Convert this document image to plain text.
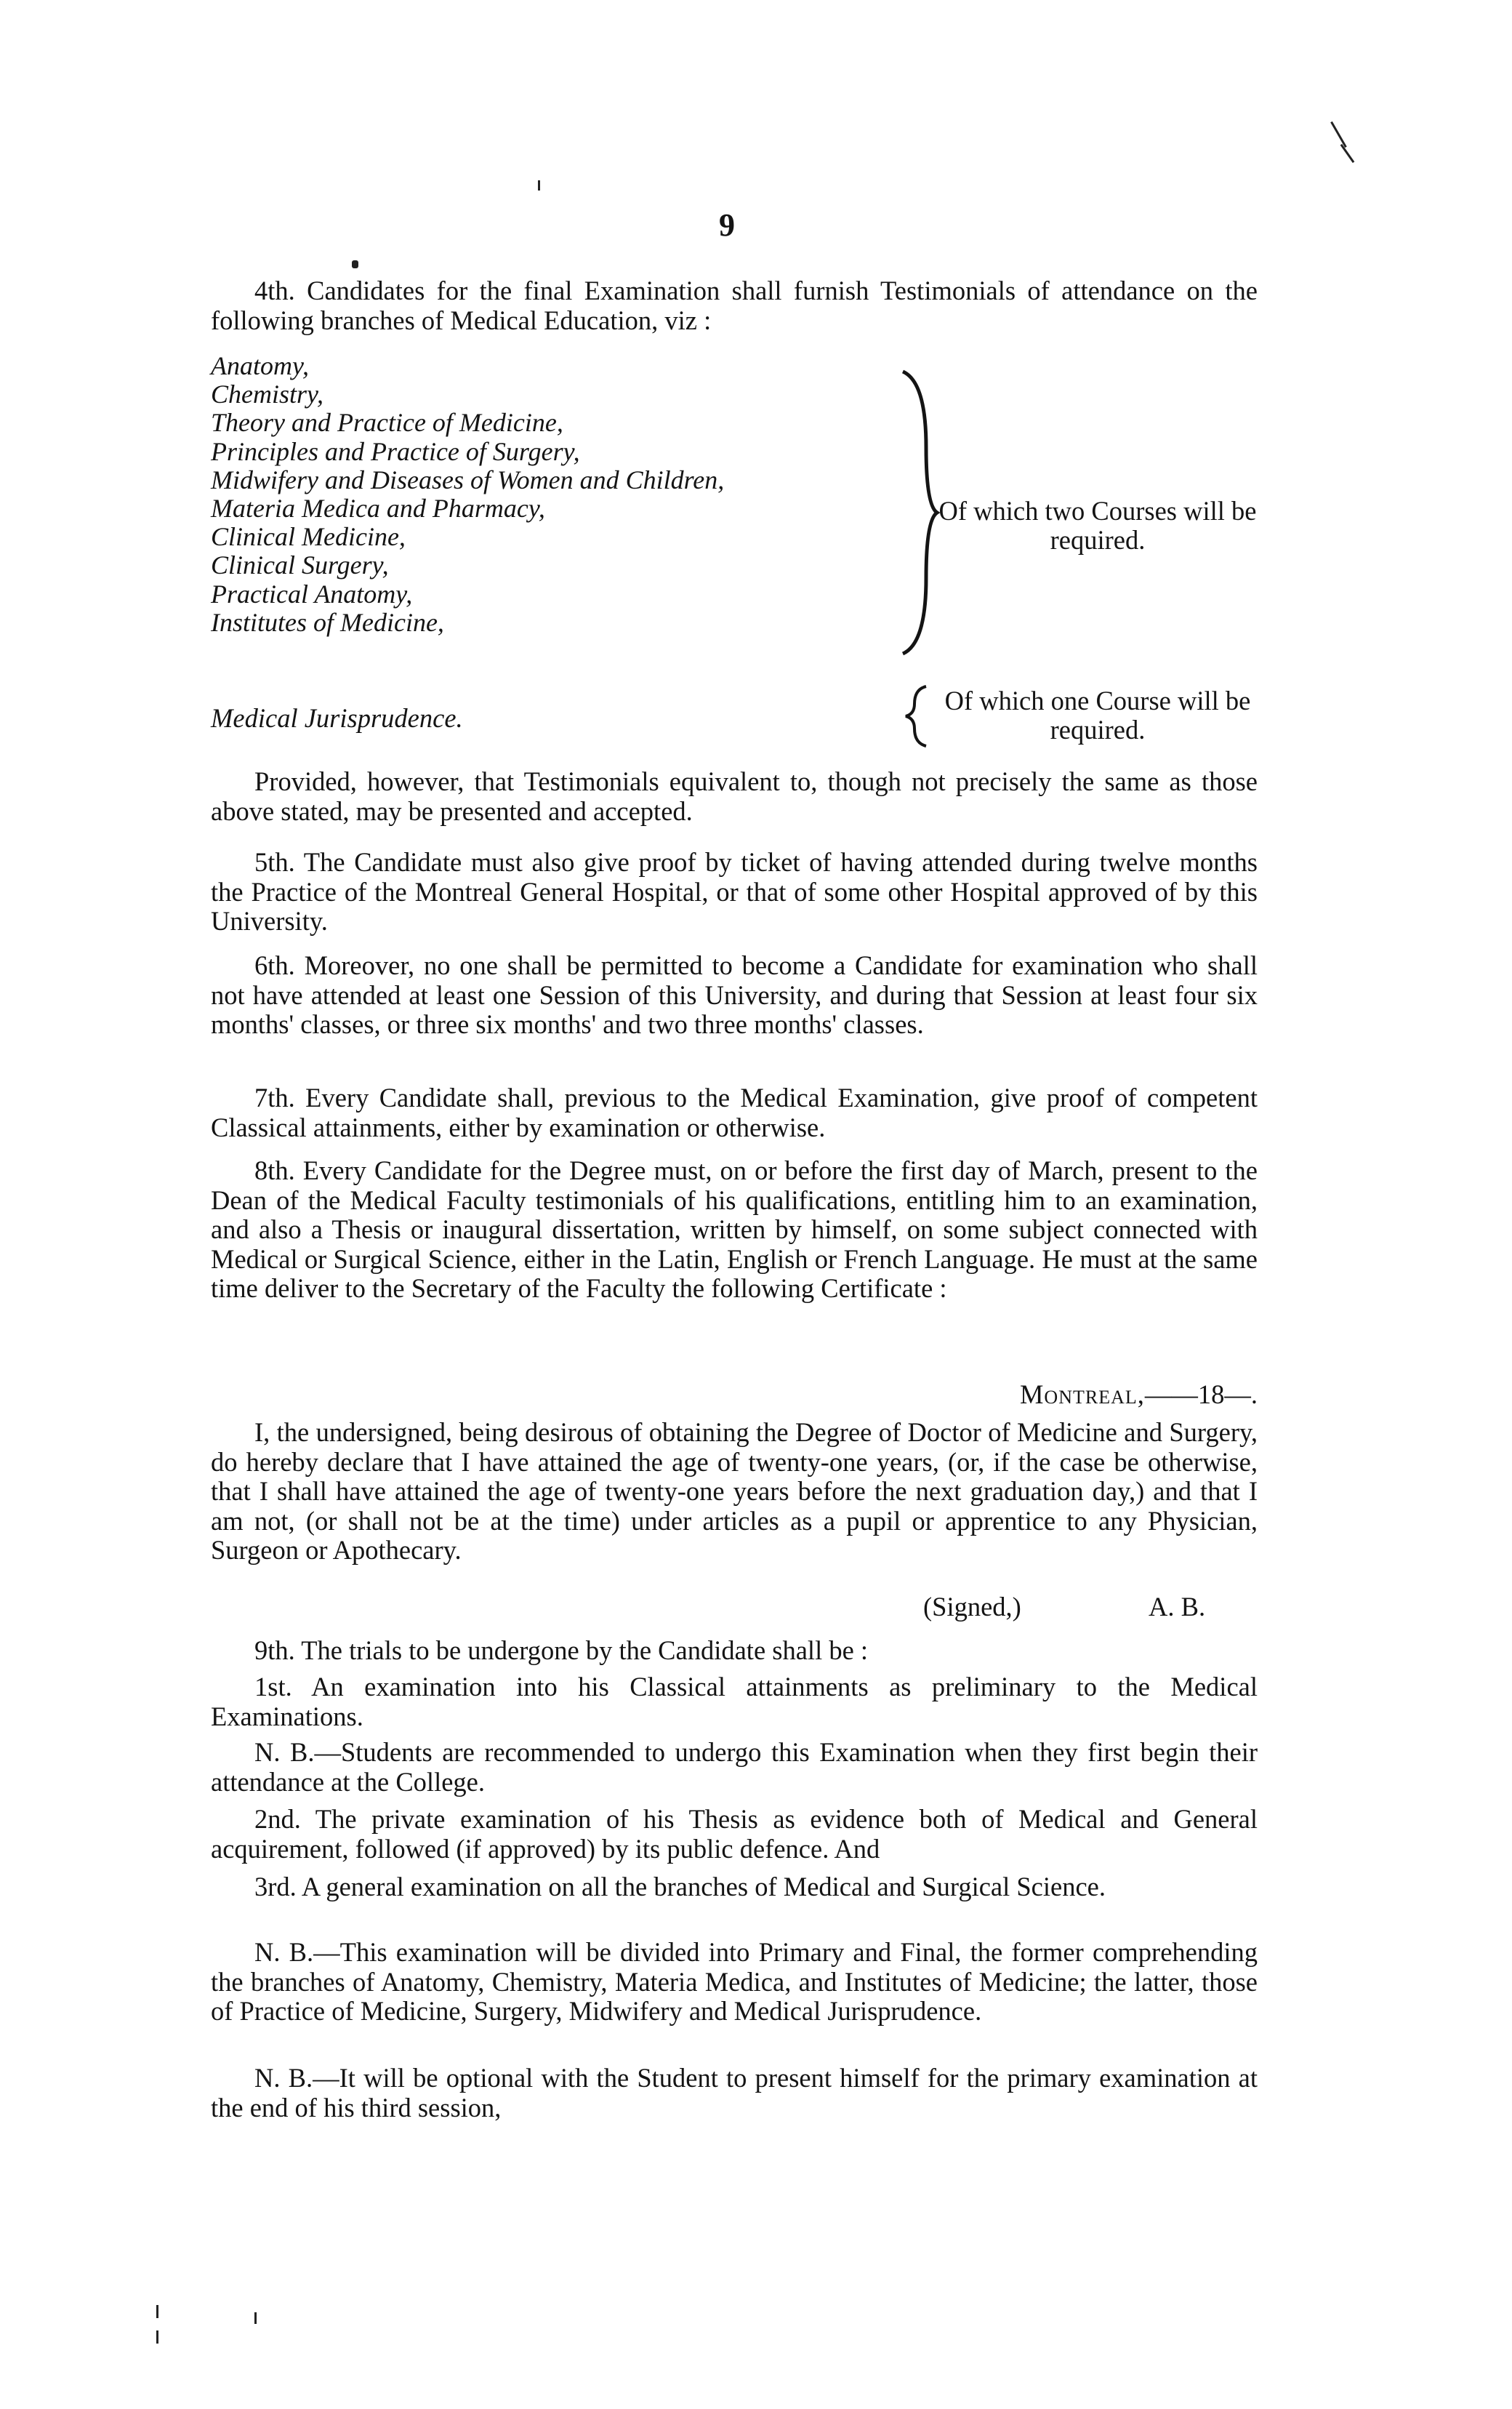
9
4th. Candidates for the final Examination shall furnish Testimonials of attendance on the following branches of Medical Education, viz :
Anatomy,
Chemistry,
Theory and Practice of Medicine,
Principles and Practice of Surgery,
Midwifery and Diseases of Women and Children,
Materia Medica and Pharmacy,
Clinical Medicine,
Clinical Surgery,
Practical Anatomy,
Institutes of Medicine,
Of which two Courses will be required.
Medical Jurisprudence.
Of which one Course will be required.
Provided, however, that Testimonials equivalent to, though not precisely the same as those above stated, may be presented and accepted.
5th. The Candidate must also give proof by ticket of having attended during twelve months the Practice of the Montreal General Hospital, or that of some other Hospital approved of by this University.
6th. Moreover, no one shall be permitted to become a Candidate for examination who shall not have attended at least one Session of this University, and during that Session at least four six months' classes, or three six months' and two three months' classes.
7th. Every Candidate shall, previous to the Medical Examination, give proof of competent Classical attainments, either by examination or otherwise.
8th. Every Candidate for the Degree must, on or before the first day of March, present to the Dean of the Medical Faculty testimonials of his qualifications, entitling him to an examination, and also a Thesis or inaugural dissertation, written by himself, on some subject connected with Medical or Surgical Science, either in the Latin, English or French Language. He must at the same time deliver to the Secretary of the Faculty the following Certificate :
Montreal,——18—.
I, the undersigned, being desirous of obtaining the Degree of Doctor of Medicine and Surgery, do hereby declare that I have attained the age of twenty-one years, (or, if the case be otherwise, that I shall have attained the age of twenty-one years before the next graduation day,) and that I am not, (or shall not be at the time) under articles as a pupil or apprentice to any Physician, Surgeon or Apothecary.
(Signed,)	A. B.
9th. The trials to be undergone by the Candidate shall be :
1st. An examination into his Classical attainments as preliminary to the Medical Examinations.
N. B.—Students are recommended to undergo this Examination when they first begin their attendance at the College.
2nd. The private examination of his Thesis as evidence both of Medical and General acquirement, followed (if approved) by its public defence. And
3rd. A general examination on all the branches of Medical and Surgical Science.
N. B.—This examination will be divided into Primary and Final, the former comprehending the branches of Anatomy, Chemistry, Materia Medica, and Institutes of Medicine; the latter, those of Practice of Medicine, Surgery, Midwifery and Medical Jurisprudence.
N. B.—It will be optional with the Student to present himself for the primary examination at the end of his third session,
